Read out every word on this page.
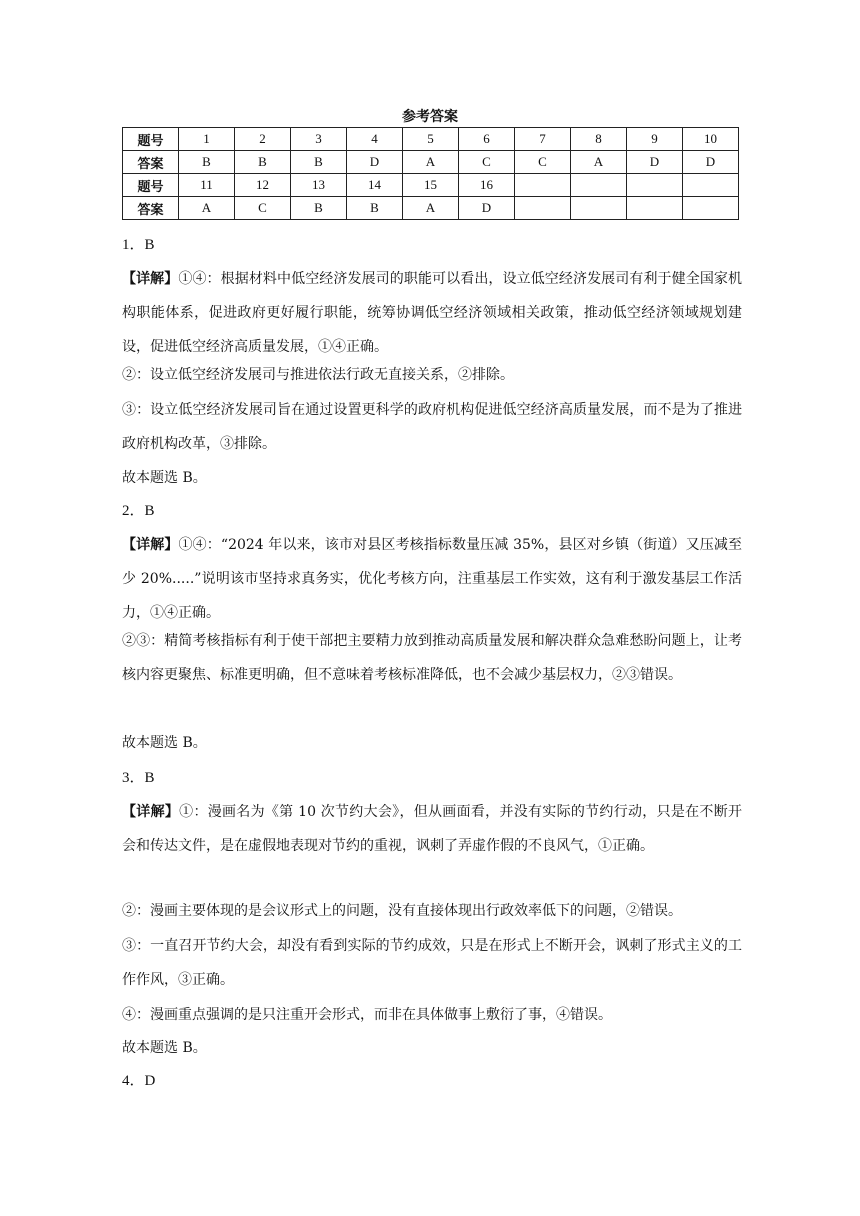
参考答案
题号	1	2	3	4	5	6	7	8	9	10
答案	B	B	B	D	A	C	C	A	D	D
题号	11	12	13	14	15	16				
答案	A	C	B	B	A	D				
1．B
【详解】①④：根据材料中低空经济发展司的职能可以看出，设立低空经济发展司有利于健全国家机构职能体系，促进政府更好履行职能，统筹协调低空经济领域相关政策，推动低空经济领域规划建设，促进低空经济高质量发展，①④正确。
②：设立低空经济发展司与推进依法行政无直接关系，②排除。
③：设立低空经济发展司旨在通过设置更科学的政府机构促进低空经济高质量发展，而不是为了推进政府机构改革，③排除。
故本题选 B。
2．B
【详解】①④：“2024 年以来，该市对县区考核指标数量压减 35%，县区对乡镇（街道）又压减至少 20%.....”说明该市坚持求真务实，优化考核方向，注重基层工作实效，这有利于激发基层工作活力，①④正确。
②③：精简考核指标有利于使干部把主要精力放到推动高质量发展和解决群众急难愁盼问题上，让考核内容更聚焦、标准更明确，但不意味着考核标准降低，也不会减少基层权力，②③错误。
故本题选 B。
3．B
【详解】①：漫画名为《第 10 次节约大会》，但从画面看，并没有实际的节约行动，只是在不断开会和传达文件，是在虚假地表现对节约的重视，讽刺了弄虚作假的不良风气，①正确。
②：漫画主要体现的是会议形式上的问题，没有直接体现出行政效率低下的问题，②错误。
③：一直召开节约大会，却没有看到实际的节约成效，只是在形式上不断开会，讽刺了形式主义的工作作风，③正确。
④：漫画重点强调的是只注重开会形式，而非在具体做事上敷衍了事，④错误。
故本题选 B。
4．D
